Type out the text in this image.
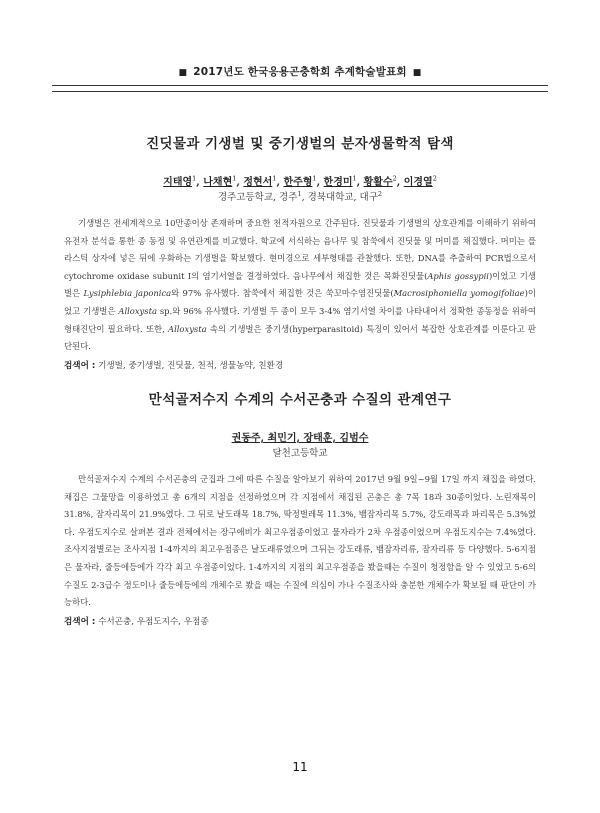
■ 2017년도 한국응용곤충학회 추계학술발표회 ■
진딧물과 기생벌 및 중기생벌의 분자생물학적 탐색
지태영$^1$, 나채현$^1$, 정현서$^1$, 한주형$^1$, 한경미$^1$, 황활수$^2$, 이경열$^2$
경주고등학교, 경주$^1$, 경북대학교, 대구$^2$

기생벌은 전세계적으로 10만종이상 존재하며 중요한 천적자원으로 간주된다. 진딧물과 기생벌의 상호관계를 이해하기 위하여 유전자 분석을 통한 종 동정 및 유연관계를 비교했다. 학교에 서식하는 음나무 및 참쑥에서 진딧물 및 머미를 채집했다. 머미는 플라스틱 상자에 넣은 뒤에 우화하는 기생벌을 확보했다. 현미경으로 세부형태를 관찰했다. 또한, DNA를 추출하여 PCR법으로서 cytochrome oxidase subunit I의 염기서열을 결정하였다. 음나무에서 채집한 것은 목화진딧물(Aphis gossypii)이었고 기생벌은 Lysiphlebia japonica와 97% 유사했다. 참쑥에서 채집한 것은 쑥꼬마수염진딧물(Macrosiphoniella yomogifoliae)이었고 기생벌은 Alloxysta sp.와 96% 유사했다. 기생벌 두 종이 모두 3-4% 염기서열 차이를 나타내어서 정확한 종동정을 위하여 형태진단이 필요하다. 또한, Alloxysta 속의 기생벌은 중기생(hyperparasitoid) 특징이 있어서 복잡한 상호관계를 이룬다고 판단된다.

검색어 : 기생벌, 중기생벌, 진딧물, 천적, 생물농약, 친환경
만석골저수지 수계의 수서곤충과 수질의 관계연구
권동주, 최민기, 장태훈, 김범수
달천고등학교

만석골저수지 수계의 수서곤충의 군집과 그에 따른 수질을 알아보기 위하여 2017년 9월 9일~9월 17일 까지 채집을 하였다. 채집은 그물망을 이용하였고 총 6개의 지점을 선정하였으며 각 지점에서 채집된 곤충은 총 7목 18과 30종이었다. 노린재목이 31.8%, 잠자리목이 21.9%였다. 그 뒤로 날도래목 18.7%, 딱정벌레목 11.3%, 뱀잠자리목 5.7%, 강도래목과 파리목은 5.3%였다. 우점도지수로 살펴본 결과 전체에서는 장구애비가 최고우점종이었고 물자라가 2차 우점종이었으며 우점도지수는 7.4%였다. 조사지점별로는 조사지점 1-4까지의 최고우점종은 날도래류였으며 그뒤는 강도래류, 뱀잠자리류, 잠자리류 등 다양했다. 5-6지점은 물자라, 줄등에등에가 각각 최고 우점종이었다. 1-4까지의 지점의 최고우점종을 봤을때는 수질이 청정함을 알 수 있었고 5-6의 수질도 2-3급수 정도이나 줄등에등에의 개체수로 봤을 때는 수질에 의심이 가나 수질조사와 충분한 개체수가 확보될 때 판단이 가능하다.

검색어 : 수서곤충, 우점도지수, 우점종
11
